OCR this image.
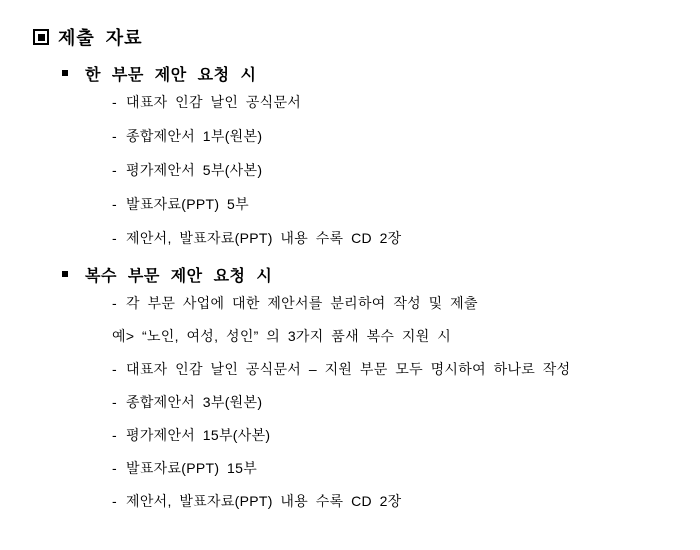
제출 자료
한 부문 제안 요청 시
- 대표자 인감 날인 공식문서
- 종합제안서 1부(원본)
- 평가제안서 5부(사본)
- 발표자료(PPT) 5부
- 제안서, 발표자료(PPT) 내용 수록 CD 2장
복수 부문 제안 요청 시
- 각 부문 사업에 대한 제안서를 분리하여 작성 및 제출
예> “노인, 여성, 성인” 의 3가지 품새 복수 지원 시
- 대표자 인감 날인 공식문서 – 지원 부문 모두 명시하여 하나로 작성
- 종합제안서 3부(원본)
- 평가제안서 15부(사본)
- 발표자료(PPT) 15부
- 제안서, 발표자료(PPT) 내용 수록 CD 2장
